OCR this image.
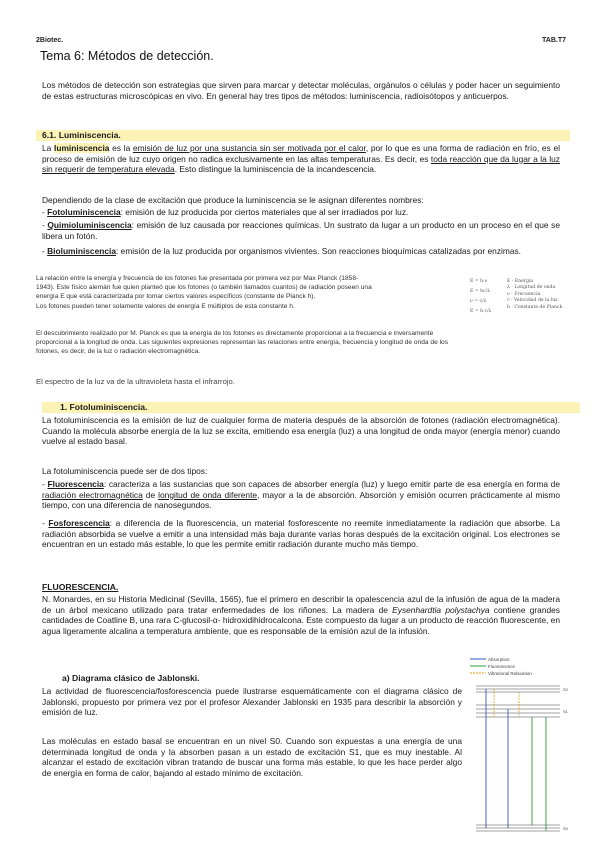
2Biotec.	TAB.T7
Tema 6: Métodos de detección.

Los métodos de detección son estrategias que sirven para marcar y detectar moléculas, orgánulos o células y poder hacer un seguimiento de estas estructuras microscópicas en vivo. En general hay tres tipos de métodos: luminiscencia, radioisótopos y anticuerpos.

6.1. Luminiscencia.

La luminiscencia es la emisión de luz por una sustancia sin ser motivada por el calor, por lo que es una forma de radiación en frío, es el proceso de emisión de luz cuyo origen no radica exclusivamente en las altas temperaturas. Es decir, es toda reacción que da lugar a la luz sin requerir de temperatura elevada. Esto distingue la luminiscencia de la incandescencia.

Dependiendo de la clase de excitación que produce la luminiscencia se le asignan diferentes nombres:

- Fotoluminiscencia: emisión de luz producida por ciertos materiales que al ser irradiados por luz.

- Quimioluminiscencia: emisión de luz causada por reacciones químicas. Un sustrato da lugar a un producto en un proceso en el que se libera un fotón.

- Bioluminiscencia: emisión de la luz producida por organismos vivientes. Son reacciones bioquímicas catalizadas por enzimas.

La relación entre la energía y frecuencia de los fotones fue presentada por primera vez por Max Planck (1858-

1943). Este físico alemán fue quien planteó que los fotones (o también llamados cuantos) de radiación poseen una

energía E que está caracterizada por tomar ciertos valores específicos (constante de Planck h).

Los fotones pueden tener solamente valores de energía E múltiplos de esta constante h.

El descubrimiento realizado por M. Planck es que la energía de los fotones es directamente proporcional a la frecuencia e inversamente

proporcional a la longitud de onda. Las siguientes expresiones representan las relaciones entre energía, frecuencia y longitud de onda de los

fotones, es decir, de la luz o radiación electromagnética.

E = h·ν
E = hc/λ
ν = c/λ
E = h c/λ
E · Energía
λ · Longitud de onda
ν · Frecuencia
c · Velocidad de la luz
h · Constante de Planck

El espectro de la luz va de la ultravioleta hasta el infrarrojo.

1. Fotoluminiscencia.

La fotoluminiscencia es la emisión de luz de cualquier forma de materia después de la absorción de fotones (radiación electromagnética). Cuando la molécula absorbe energía de la luz se excita, emitiendo esa energía (luz) a una longitud de onda mayor (energía menor) cuando vuelve al estado basal.

La fotoluminiscencia puede ser de dos tipos:

- Fluorescencia: caracteriza a las sustancias que son capaces de absorber energía (luz) y luego emitir parte de esa energía en forma de radiación electromagnética de longitud de onda diferente, mayor a la de absorción. Absorción y emisión ocurren prácticamente al mismo tiempo, con una diferencia de nanosegundos.

- Fosforescencia: a diferencia de la fluorescencia, un material fosforescente no reemite inmediatamente la radiación que absorbe. La radiación absorbida se vuelve a emitir a una intensidad más baja durante varias horas después de la excitación original. Los electrones se encuentran en un estado más estable, lo que les permite emitir radiación durante mucho más tiempo.

FLUORESCENCIA.

N. Monardes, en su Historia Medicinal (Sevilla, 1565), fue el primero en describir la opalescencia azul de la infusión de agua de la madera de un árbol mexicano utilizado para tratar enfermedades de los riñones. La madera de Eysenhardtia polystachya contiene grandes cantidades de Coatline B, una rara C-glucosil-α- hidroxidihidrocalcona. Este compuesto da lugar a un producto de reacción fluorescente, en agua ligeramente alcalina a temperatura ambiente, que es responsable de la emisión azul de la infusión.

a) Diagrama clásico de Jablonski.

La actividad de fluorescencia/fosforescencia puede ilustrarse esquemáticamente con el diagrama clásico de Jablonski, propuesto por primera vez por el profesor Alexander Jablonski en 1935 para describir la absorción y emisión de luz.

Las moléculas en estado basal se encuentran en un nivel S0. Cuando son expuestas a una energía de una determinada longitud de onda y la absorben pasan a un estado de excitación S1, que es muy inestable. Al alcanzar el estado de excitación vibran tratando de buscar una forma más estable, lo que les hace perder algo de energía en forma de calor, bajando al estado mínimo de excitación.

Absorption
Fluorescence
Vibrational Relaxation
S2
S1
S0
